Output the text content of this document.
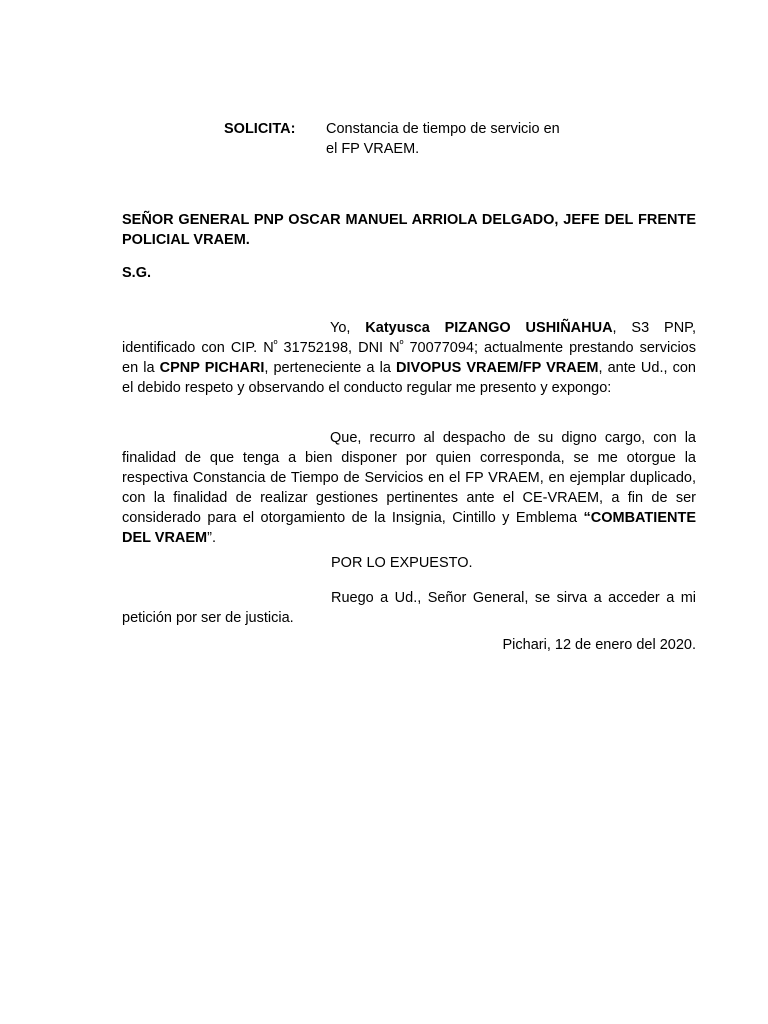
SOLICITA:	Constancia de tiempo de servicio en el FP VRAEM.
SEÑOR GENERAL PNP OSCAR MANUEL ARRIOLA DELGADO, JEFE DEL FRENTE POLICIAL VRAEM.
S.G.
Yo, Katyusca PIZANGO USHIÑAHUA, S3 PNP, identificado con CIP. $N^º$ 31752198, DNI $N^º$ 70077094; actualmente prestando servicios en la CPNP PICHARI, perteneciente a la DIVOPUS VRAEM/FP VRAEM, ante Ud., con el debido respeto y observando el conducto regular me presento y expongo:
Que, recurro al despacho de su digno cargo, con la finalidad de que tenga a bien disponer por quien corresponda, se me otorgue la respectiva Constancia de Tiempo de Servicios en el FP VRAEM, en ejemplar duplicado, con la finalidad de realizar gestiones pertinentes ante el CE-VRAEM, a fin de ser considerado para el otorgamiento de la Insignia, Cintillo y Emblema “COMBATIENTE DEL VRAEM”.
POR LO EXPUESTO.
Ruego a Ud., Señor General, se sirva a acceder a mi petición por ser de justicia.
Pichari, 12 de enero del 2020.
